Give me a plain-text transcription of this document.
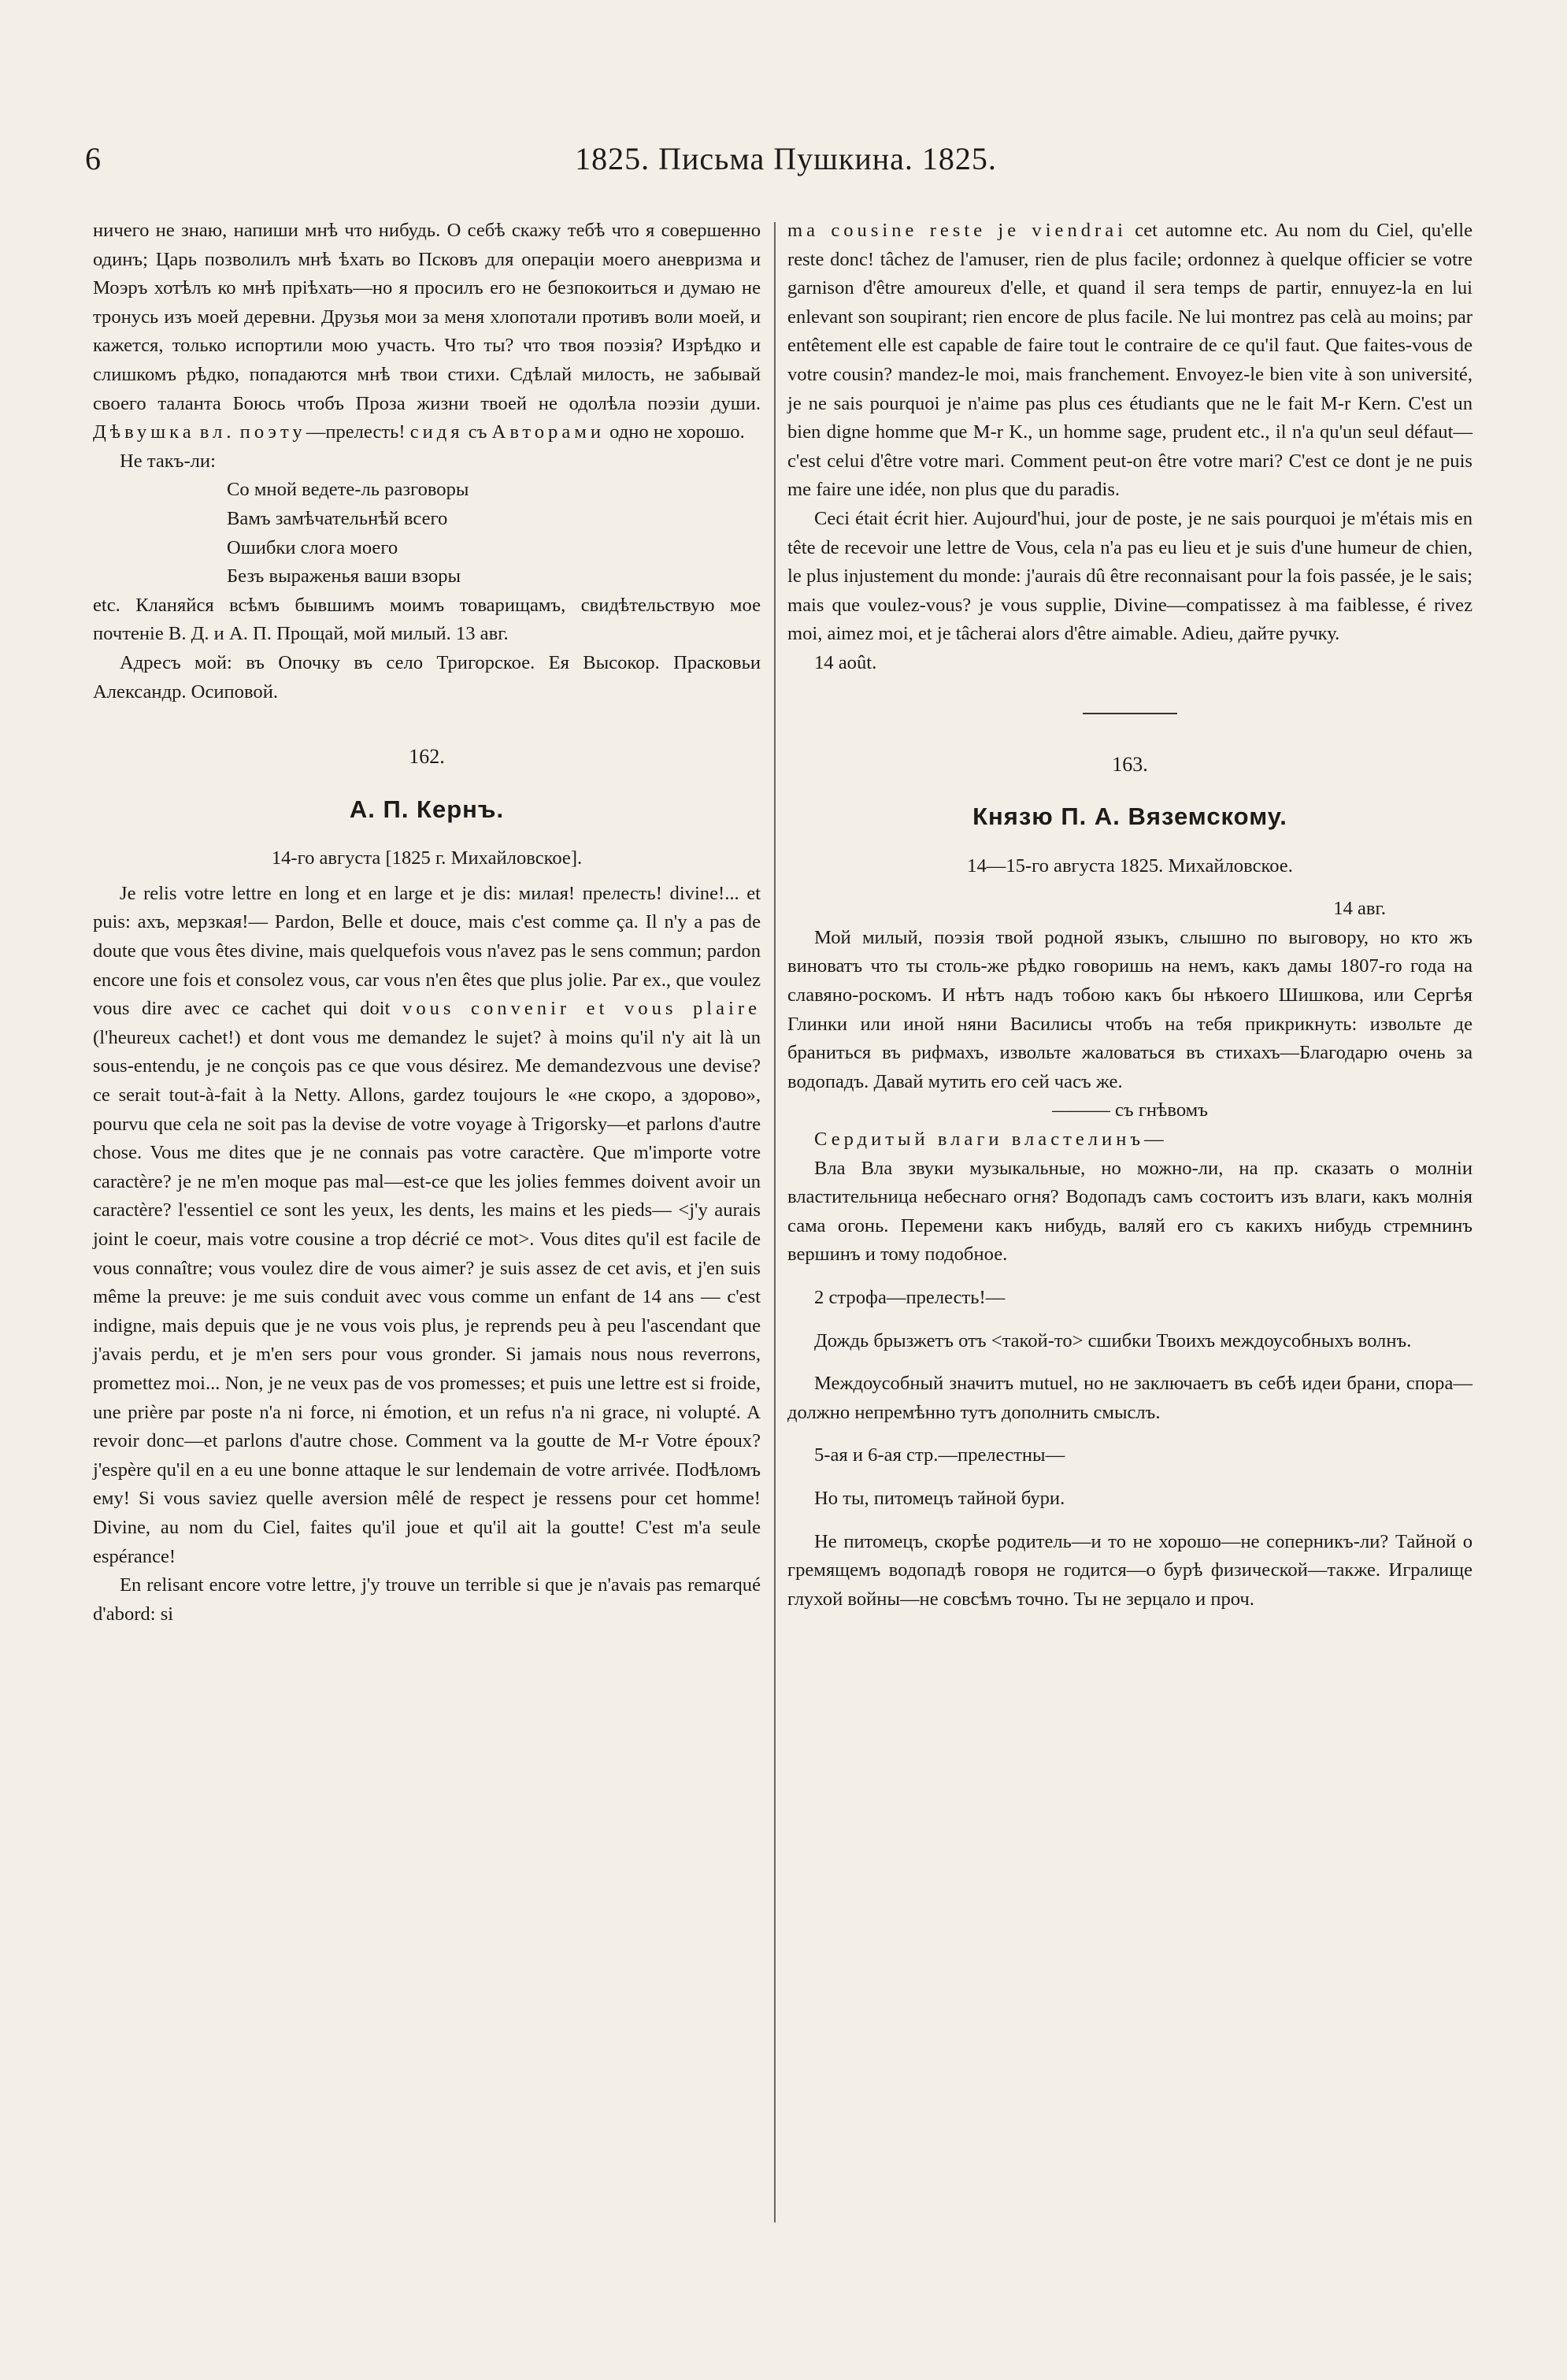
6	1825. Письма Пушкина. 1825.

ничего не знаю, напиши мнѣ что нибудь. О себѣ скажу тебѣ что я совершенно одинъ; Царь позволилъ мнѣ ѣхать во Псковъ для операціи моего аневризма и Моэръ хотѣлъ ко мнѣ пріѣхать—но я просилъ его не безпокоиться и думаю не тронусь изъ моей деревни. Друзья мои за меня хлопотали противъ воли моей, и кажется, только испортили мою участь. Что ты? что твоя поэзія? Изрѣдко и слишкомъ рѣдко, попадаются мнѣ твои стихи. Сдѣлай милость, не забывай своего таланта Боюсь чтобъ Проза жизни твоей не одолѣла поэзіи души. Дѣвушка вл. поэту—прелесть! сидя съ Авторами одно не хорошо.

Не такъ-ли:

Со мной ведете-ль разговоры
Вамъ замѣчательнѣй всего
Ошибки слога моего
Безъ выраженья ваши взоры

etc. Кланяйся всѣмъ бывшимъ моимъ товарищамъ, свидѣтельствую мое почтеніе В. Д. и А. П. Прощай, мой милый. 13 авг.

Адресъ мой: въ Опочку въ село Тригорское. Ея Высокор. Прасковьи Александр. Осиповой.

162.
А. П. Кернъ.
14-го августа [1825 г. Михайловское].

Je relis votre lettre en long et en large et je dis: милая! прелесть! divine!... et puis: ахъ, мерзкая!— Pardon, Belle et douce, mais c'est comme ça. Il n'y a pas de doute que vous êtes divine, mais quelquefois vous n'avez pas le sens commun; pardon encore une fois et consolez vous, car vous n'en êtes que plus jolie. Par ex., que voulez vous dire avec ce cachet qui doit vous convenir et vous plaire (l'heureux cachet!) et dont vous me demandez le sujet? à moins qu'il n'y ait là un sous-entendu, je ne conçois pas ce que vous désirez. Me demandezvous une devise? ce serait tout-à-fait à la Netty. Allons, gardez toujours le «не скоро, а здорово», pourvu que cela ne soit pas la devise de votre voyage à Trigorsky—et parlons d'autre chose. Vous me dites que je ne connais pas votre caractère. Que m'importe votre caractère? je ne m'en moque pas mal—est-ce que les jolies femmes doivent avoir un caractère? l'essentiel ce sont les yeux, les dents, les mains et les pieds— <j'y aurais joint le coeur, mais votre cousine a trop décrié ce mot>. Vous dites qu'il est facile de vous connaître; vous voulez dire de vous aimer? je suis assez de cet avis, et j'en suis même la preuve: je me suis conduit avec vous comme un enfant de 14 ans — c'est indigne, mais depuis que je ne vous vois plus, je reprends peu à peu l'ascendant que j'avais perdu, et je m'en sers pour vous gronder. Si jamais nous nous reverrons, promettez moi... Non, je ne veux pas de vos promesses; et puis une lettre est si froide, une prière par poste n'a ni force, ni émotion, et un refus n'a ni grace, ni volupté. A revoir donc—et parlons d'autre chose. Comment va la goutte de M-r Votre époux? j'espère qu'il en a eu une bonne attaque le sur lendemain de votre arrivée. Поdѣломъ ему! Si vous saviez quelle aversion mêlé de respect je ressens pour cet homme! Divine, au nom du Ciel, faites qu'il joue et qu'il ait la goutte! C'est m'a seule espérance!

En relisant encore votre lettre, j'y trouve un terrible si que je n'avais pas remarqué d'abord: si

ma cousine reste je viendrai cet automne etc. Au nom du Ciel, qu'elle reste donc! tâchez de l'amuser, rien de plus facile; ordonnez à quelque officier se votre garnison d'être amoureux d'elle, et quand il sera temps de partir, ennuyez-la en lui enlevant son soupirant; rien encore de plus facile. Ne lui montrez pas celà au moins; par entêtement elle est capable de faire tout le contraire de ce qu'il faut. Que faites-vous de votre cousin? mandez-le moi, mais franchement. Envoyez-le bien vite à son université, je ne sais pourquoi je n'aime pas plus ces étudiants que ne le fait M-r Kern. C'est un bien digne homme que M-r K., un homme sage, prudent etc., il n'a qu'un seul défaut—c'est celui d'être votre mari. Comment peut-on être votre mari? C'est ce dont je ne puis me faire une idée, non plus que du paradis.

Ceci était écrit hier. Aujourd'hui, jour de poste, je ne sais pourquoi je m'étais mis en tête de recevoir une lettre de Vous, cela n'a pas eu lieu et je suis d'une humeur de chien, le plus injustement du monde: j'aurais dû être reconnaisant pour la fois passée, je le sais; mais que voulez-vous? je vous supplie, Divine—compatissez à ma faiblesse, é rivez moi, aimez moi, et je tâcherai alors d'être aimable. Adieu, дайте ручку.

14 août.

163.
Князю П. А. Вяземскому.
14—15-го августа 1825. Михайловское.
14 авг.

Мой милый, поэзія твой родной языкъ, слышно по выговору, но кто жъ виноватъ что ты столь-же рѣдко говоришь на немъ, какъ дамы 1807-го года на славяно-роскомъ. И нѣтъ надъ тобою какъ бы нѣкоего Шишкова, или Сергѣя Глинки или иной няни Василисы чтобъ на тебя прикрикнуть: извольте де браниться въ рифмахъ, извольте жаловаться въ стихахъ—Благодарю очень за водопадъ. Давай мутить его сей часъ же.

——— съ гнѣвомъ

Сердитый влаги властелинъ—

Вла Вла звуки музыкальные, но можно-ли, на пр. сказать о молніи властительница небеснаго огня? Водопадъ самъ состоитъ изъ влаги, какъ молнія сама огонь. Перемени какъ нибудь, валяй его съ какихъ нибудь стремнинъ вершинъ и тому подобное.

2 строфа—прелесть!—

Дождь брызжетъ отъ <такой-то> сшибки Твоихъ междоусобныхъ волнъ.

Междоусобный значитъ mutuel, но не заключаетъ въ себѣ идеи брани, спора—должно непремѣнно тутъ дополнить смыслъ.

5-ая и 6-ая стр.—прелестны—

Но ты, питомецъ тайной бури.

Не питомецъ, скорѣе родитель—и то не хорошо—не соперникъ-ли? Тайной о гремящемъ водопадѣ говоря не годится—о бурѣ физической—также. Игралище глухой войны—не совсѣмъ точно. Ты не зерцало и проч.
